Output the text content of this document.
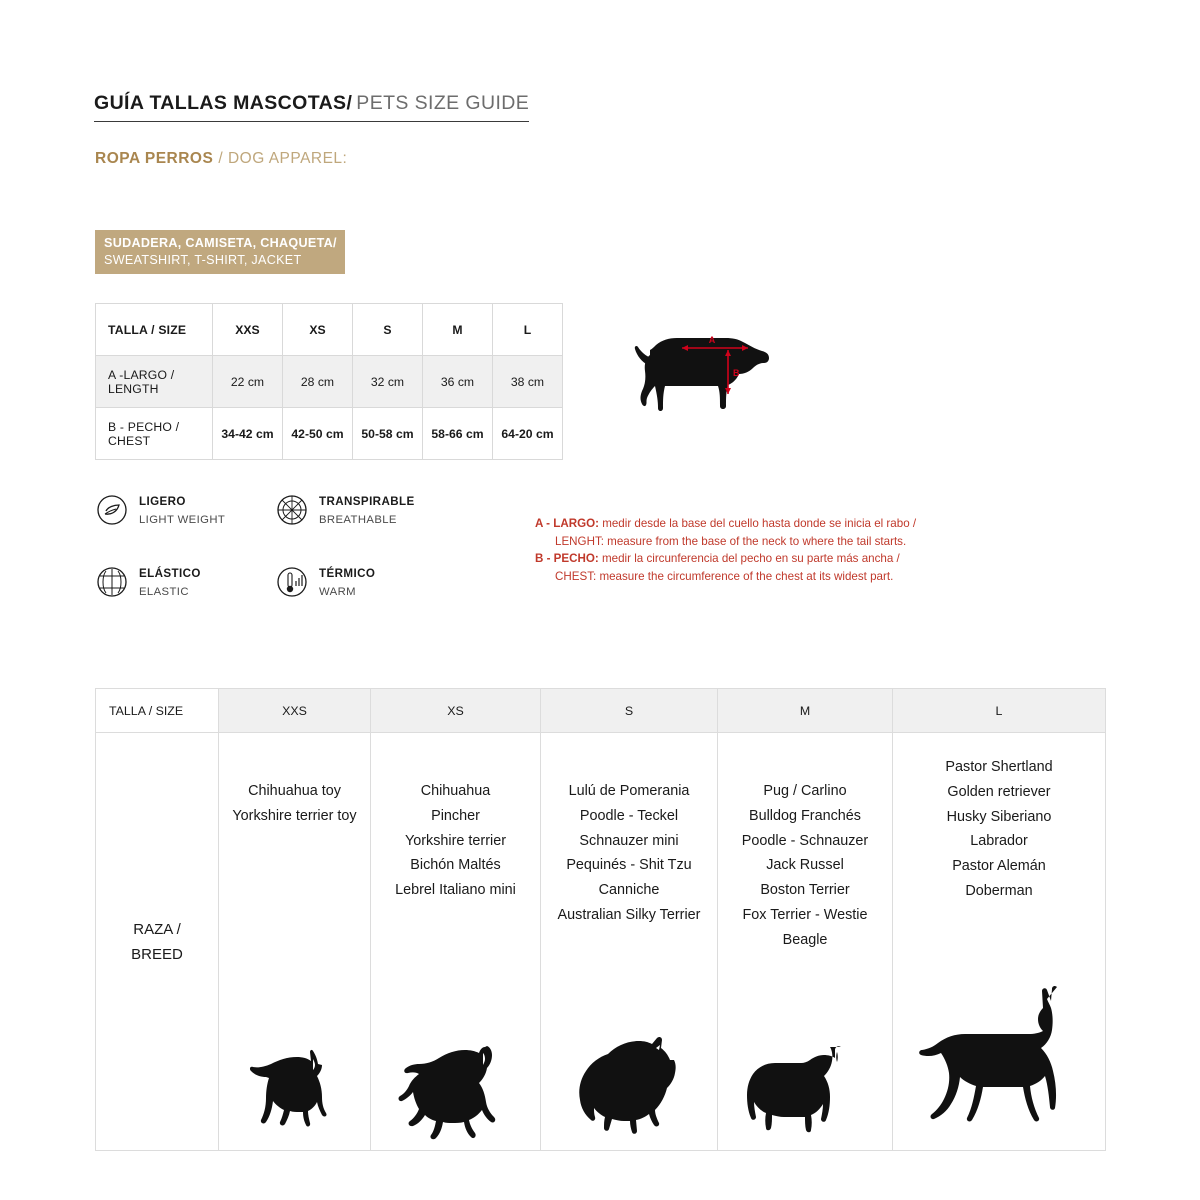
GUÍA TALLAS MASCOTAS/ PETS SIZE GUIDE
ROPA PERROS / DOG APPAREL:
SUDADERA, CAMISETA, CHAQUETA/
SWEATSHIRT, T-SHIRT, JACKET
TALLA / SIZE	XXS	XS	S	M	L
A -LARGO / LENGTH	22 cm	28 cm	32 cm	36 cm	38 cm
B - PECHO / CHEST	34-42 cm	42-50 cm	50-58 cm	58-66 cm	64-20 cm
LIGERO
LIGHT WEIGHT
TRANSPIRABLE
BREATHABLE
ELÁSTICO
ELASTIC
TÉRMICO
WARM
A
B
A - LARGO: medir desde la base del cuello hasta donde se inicia el rabo /
LENGHT: measure from the base of the neck to where the tail starts.
B - PECHO: medir la circunferencia del pecho en su parte más ancha /
CHEST: measure the circumference of the chest at its widest part.
TALLA / SIZE	XXS	XS	S	M	L

RAZA /
BREED

Chihuahua toy
Yorkshire terrier toy

Chihuahua
Pincher
Yorkshire terrier
Bichón Maltés
Lebrel Italiano mini

Lulú de Pomerania
Poodle - Teckel
Schnauzer mini
Pequinés - Shit Tzu
Canniche
Australian Silky Terrier

Pug / Carlino
Bulldog Franchés
Poodle - Schnauzer
Jack Russel
Boston Terrier
Fox Terrier - Westie
Beagle

Pastor Shertland
Golden retriever
Husky Siberiano
Labrador
Pastor Alemán
Doberman
